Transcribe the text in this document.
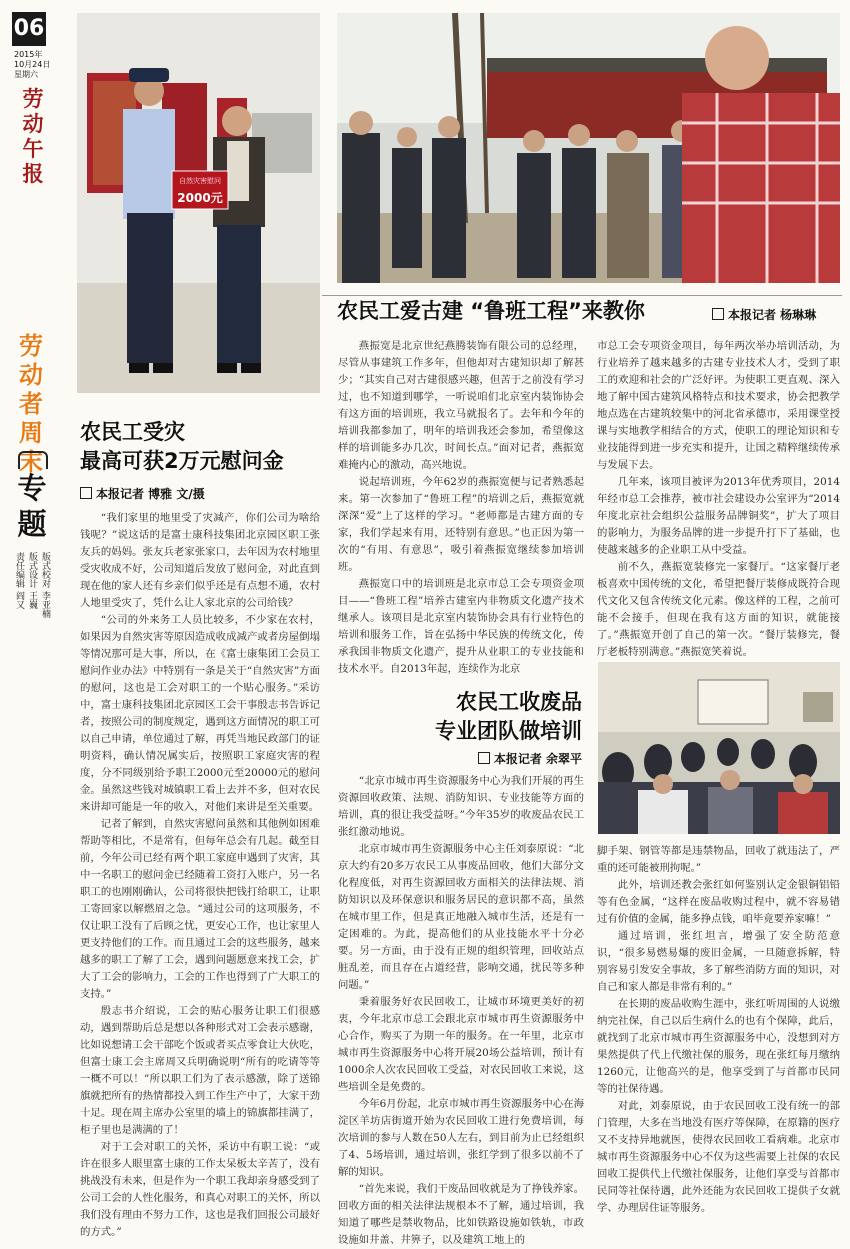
06
2015年
10月24日
星期六
劳动午报
劳动者周末
专题
版式校对 李亚楠
版式设计 王巍
责任编辑 阎又
自然灾害慰问
2000元
农民工爱古建 “鲁班工程”来教你	本报记者 杨琳琳
农民工受灾
最高可获2万元慰问金
本报记者 博雅 文/摄

“我们家里的地里受了灾减产，你们公司为啥给钱呢？”说这话的是富士康科技集团北京园区职工张友兵的妈妈。张友兵老家张家口，去年因为农村地里受灾收成不好，公司知道后发放了慰问金，对此直到现在他的家人还有乡亲们似乎还是有点想不通，农村人地里受灾了，凭什么让人家北京的公司给钱？

“公司的外来务工人员比较多，不少家在农村，如果因为自然灾害等原因造成收成减产或者房屋倒塌等情况那可是大事，所以，在《富士康集团工会员工慰问作业办法》中特别有一条是关于“自然灾害”方面的慰问，这也是工会对职工的一个贴心服务。”采访中，富士康科技集团北京园区工会干事殷志书告诉记者，按照公司的制度规定，遇到这方面情况的职工可以自己申请，单位通过了解，再凭当地民政部门的证明资料，确认情况属实后，按照职工家庭灾害的程度，分不同级别给予职工2000元至20000元的慰问金。虽然这些钱对城镇职工看上去并不多，但对农民来讲却可能是一年的收入，对他们来讲是至关重要。

记者了解到，自然灾害慰问虽然和其他例如困难帮助等相比，不是常有，但每年总会有几起。截至目前，今年公司已经有两个职工家庭申遇到了灾害，其中一名职工的慰问金已经随着工资打入账户，另一名职工的也刚刚确认，公司将很快把钱打给职工，让职工寄回家以解燃眉之急。“通过公司的这项服务，不仅让职工没有了后顾之忧，更安心工作，也让家里人更支持他们的工作。而且通过工会的这些服务，越来越多的职工了解了工会，遇到问题愿意来找工会，扩大了工会的影响力，工会的工作也得到了广大职工的支持。”

殷志书介绍说，工会的贴心服务让职工们很感动，遇到帮助后总是想以各种形式对工会表示感谢，比如说想请工会干部吃个饭或者买点零食让大伙吃，但富士康工会主席周又兵明确说明“所有的吃请等等一概不可以！”所以职工们为了表示感激，除了送锦旗就把所有的热情都投入到工作生产中了，大家干劲十足。现在周主席办公室里的墙上的锦旗都挂满了，柜子里也是满满的了！

对于工会对职工的关怀，采访中有职工说：“或许在很多人眼里富士康的工作太呆板太辛苦了，没有挑战没有未来，但是作为一个职工我却亲身感受到了公司工会的人性化服务，和真心对职工的关怀，所以我们没有理由不努力工作，这也是我们回报公司最好的方式。”

燕振宽是北京世纪燕腾装饰有限公司的总经理，尽管从事建筑工作多年，但他却对古建知识却了解甚少；“其实自己对古建很感兴趣，但苦于之前没有学习过，也不知道到哪学，一听说咱们北京室内装饰协会有这方面的培训班，我立马就报名了。去年和今年的培训我都参加了，明年的培训我还会参加，希望像这样的培训能多办几次，时间长点。”面对记者，燕振宽难掩内心的激动，高兴地说。

说起培训班，今年62岁的燕振宽便与记者熟悉起来。第一次参加了“鲁班工程”的培训之后，燕振宽就深深“爱”上了这样的学习。“老师都是古建方面的专家，我们学起来有用，还特别有意思。”也正因为第一次的“有用、有意思”，吸引着燕振宽继续参加培训班。

燕振宽口中的培训班是北京市总工会专项资金项目——“鲁班工程”培养古建室内非物质文化遗产技术继承人。该项目是北京室内装饰协会具有行业特色的培训和服务工作，旨在弘扬中华民族的传统文化，传承我国非物质文化遗产，提升从业职工的专业技能和技术水平。自2013年起，连续作为北京

市总工会专项资金项目，每年两次举办培训活动，为行业培养了越来越多的古建专业技术人才，受到了职工的欢迎和社会的广泛好评。为使职工更直观、深入地了解中国古建筑风格特点和技术要求，协会把教学地点选在古建筑较集中的河北省承德市，采用课堂授课与实地教学相结合的方式，使职工的理论知识和专业技能得到进一步充实和提升，让国之精粹继续传承与发展下去。

几年来，该项目被评为2013年优秀项目，2014年经市总工会推荐，被市社会建设办公室评为“2014年度北京社会组织公益服务品牌铜奖”，扩大了项目的影响力，为服务品牌的进一步提升打下了基础，也使越来越多的企业职工从中受益。

前不久，燕振宽装修完一家餐厅。“这家餐厅老板喜欢中国传统的文化，希望把餐厅装修成既符合现代文化又包含传统文化元素。像这样的工程，之前可能不会接手，但现在我有这方面的知识，就能接了。”燕振宽开创了自己的第一次。“餐厅装修完，餐厅老板特别满意。”燕振宽笑着说。

农民工收废品
专业团队做培训
本报记者 余翠平

“北京市城市再生资源服务中心为我们开展的再生资源回收政策、法规、消防知识、专业技能等方面的培训，真的很让我受益呀。”今年35岁的收废品农民工张红激动地说。

北京市城市再生资源服务中心主任刘泰原说：“北京大约有20多万农民工从事废品回收，他们大部分文化程度低，对再生资源回收方面相关的法律法规、消防知识以及环保意识和服务居民的意识都不高，虽然在城市里工作，但是真正地融入城市生活，还是有一定困难的。为此，提高他们的从业技能水平十分必要。另一方面，由于没有正规的组织管理，回收站点脏乱差，而且存在占道经营，影响交通，扰民等多种问题。”

秉着服务好农民回收工，让城市环境更美好的初衷，今年北京市总工会跟北京市城市再生资源服务中心合作，购买了为期一年的服务。在一年里，北京市城市再生资源服务中心将开展20场公益培训，预计有1000余人次农民回收工受益，对农民回收工来说，这些培训全是免费的。

今年6月份起，北京市城市再生资源服务中心在海淀区羊坊店街道开始为农民回收工进行免费培训，每次培训的参与人数在50人左右，到目前为止已经组织了4、5场培训，通过培训，张红学到了很多以前不了解的知识。

“首先来说，我们干废品回收就是为了挣钱养家。回收方面的相关法律法规根本不了解，通过培训，我知道了哪些是禁收物品，比如铁路设施如铁轨，市政设施如井盖、井箅子，以及建筑工地上的

脚手架、钢管等都是违禁物品，回收了就违法了，严重的还可能被刑拘呢。”

此外，培训还教会张红如何鉴别认定金银铜铝铅等有色金属，“这样在废品收购过程中，就不容易错过有价值的金属，能多挣点钱，咱毕竟要养家嘛！”

通过培训，张红坦言，增强了安全防范意识，“很多易燃易爆的废旧金属，一旦随意拆解，特别容易引发安全事故，多了解些消防方面的知识，对自己和家人都是非常有利的。”

在长期的废品收购生涯中，张红听周围的人说缴纳完社保，自己以后生病什么的也有个保障，此后，就找到了北京市城市再生资源服务中心，没想到对方果然提供了代上代缴社保的服务，现在张红每月缴纳1260元，让他高兴的是，他享受到了与首都市民同等的社保待遇。

对此，刘泰原说，由于农民回收工没有统一的部门管理，大多在当地没有医疗等保障，在原籍的医疗又不支持异地就医，使得农民回收工看病难。北京市城市再生资源服务中心不仅为这些需要上社保的农民回收工提供代上代缴社保服务，让他们享受与首都市民同等社保待遇，此外还能为农民回收工提供子女就学、办理居住证等服务。
